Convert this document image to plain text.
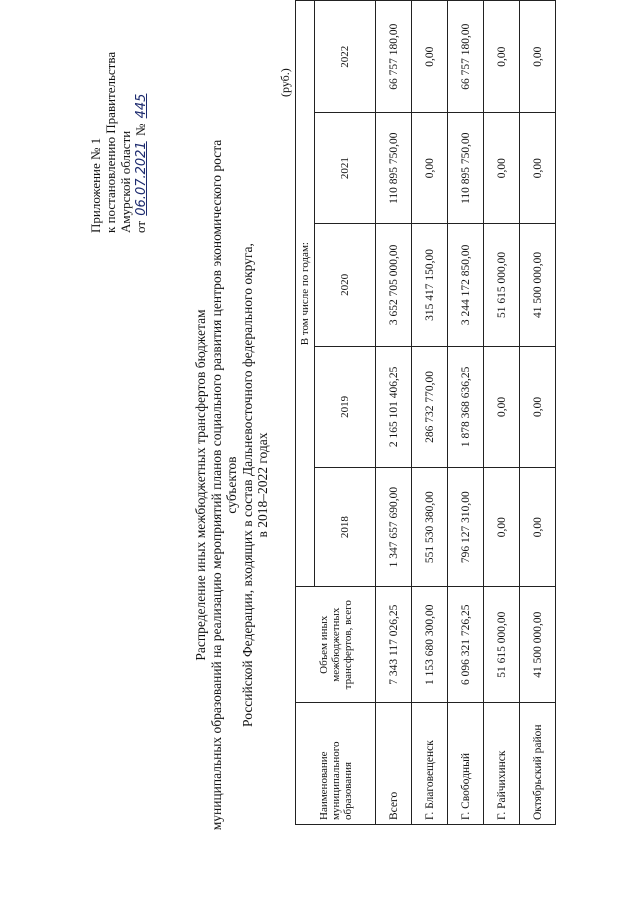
Приложение № 1 к постановлению Правительства Амурской области от 06.07.2021 № 445
Распределение иных межбюджетных трансфертов бюджетам муниципальных образований на реализацию мероприятий планов социального развития центров экономического роста субъектов Российской Федерации, входящих в состав Дальневосточного федерального округа, в 2018–2022 годах
(руб.)
Наименование муниципального образования	Объем иных межбюджетных трансфертов, всего	В том числе по годам:				
		2018	2019	2020	2021	2022
Всего	7 343 117 026,25	1 347 657 690,00	2 165 101 406,25	3 652 705 000,00	110 895 750,00	66 757 180,00
Г. Благовещенск	1 153 680 300,00	551 530 380,00	286 732 770,00	315 417 150,00	0,00	0,00
Г. Свободный	6 096 321 726,25	796 127 310,00	1 878 368 636,25	3 244 172 850,00	110 895 750,00	66 757 180,00
Г. Райчихинск	51 615 000,00	0,00	0,00	51 615 000,00	0,00	0,00
Октябрьский район	41 500 000,00	0,00	0,00	41 500 000,00	0,00	0,00
